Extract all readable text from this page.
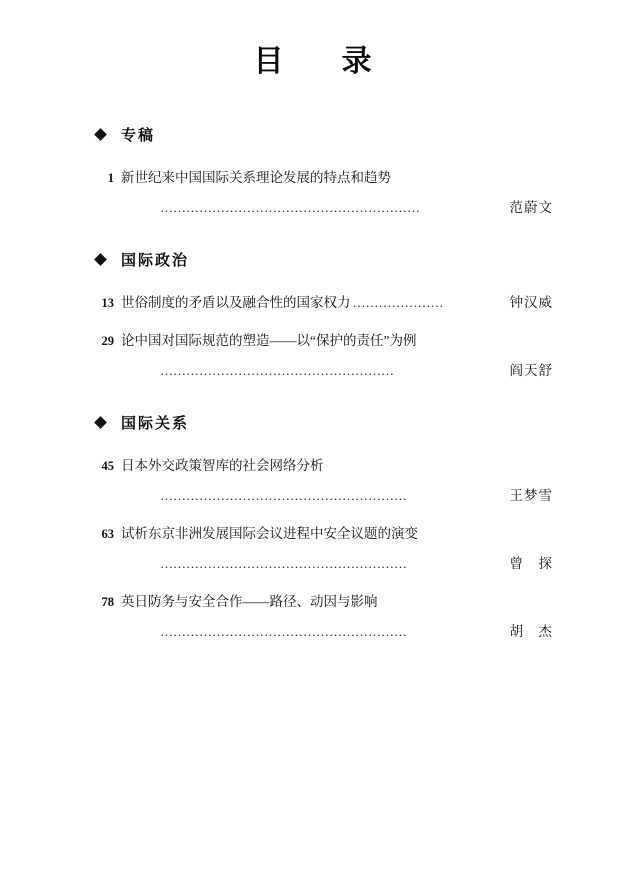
目　录
专稿
1 新世纪来中国国际关系理论发展的特点和趋势
……………………………………………………	范蔚文
国际政治
13 世俗制度的矛盾以及融合性的国家权力 …………………	钟汉威
29 论中国对国际规范的塑造——以“保护的责任”为例
………………………………………………	阎天舒
国际关系
45 日本外交政策智库的社会网络分析
…………………………………………………	王梦雪
63 试析东京非洲发展国际会议进程中安全议题的演变
…………………………………………………	曾　探
78 英日防务与安全合作——路径、动因与影响
…………………………………………………	胡　杰
